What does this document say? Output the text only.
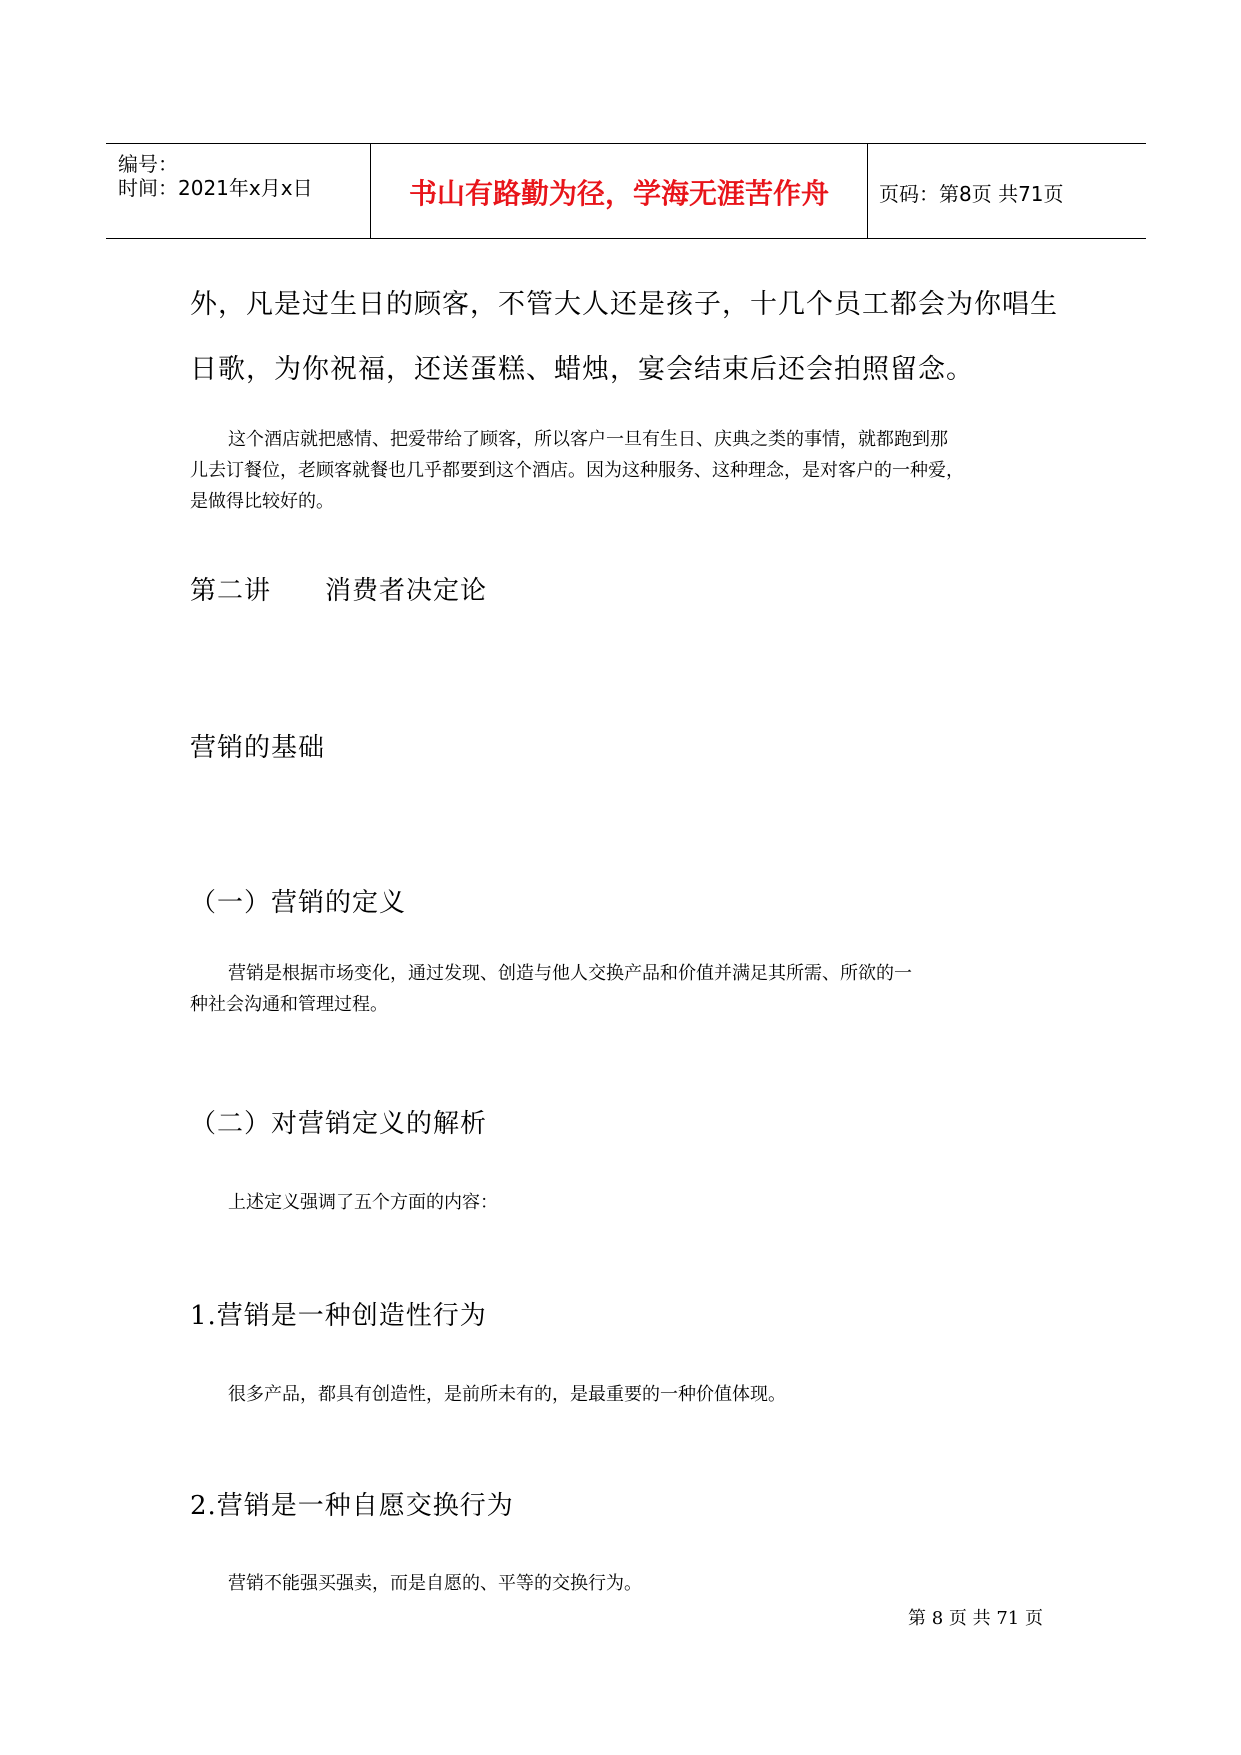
编号：
时间：2021年x月x日	书山有路勤为径，学海无涯苦作舟	页码：第8页 共71页
外，凡是过生日的顾客，不管大人还是孩子，十几个员工都会为你唱生
日歌，为你祝福，还送蛋糕、蜡烛，宴会结束后还会拍照留念。
这个酒店就把感情、把爱带给了顾客，所以客户一旦有生日、庆典之类的事情，就都跑到那
儿去订餐位，老顾客就餐也几乎都要到这个酒店。因为这种服务、这种理念，是对客户的一种爱，
是做得比较好的。
第二讲　　消费者决定论
营销的基础
（一）营销的定义
营销是根据市场变化，通过发现、创造与他人交换产品和价值并满足其所需、所欲的一
种社会沟通和管理过程。
（二）对营销定义的解析
上述定义强调了五个方面的内容：
1.营销是一种创造性行为
很多产品，都具有创造性，是前所未有的，是最重要的一种价值体现。
2.营销是一种自愿交换行为
营销不能强买强卖，而是自愿的、平等的交换行为。
第 8 页 共 71 页
